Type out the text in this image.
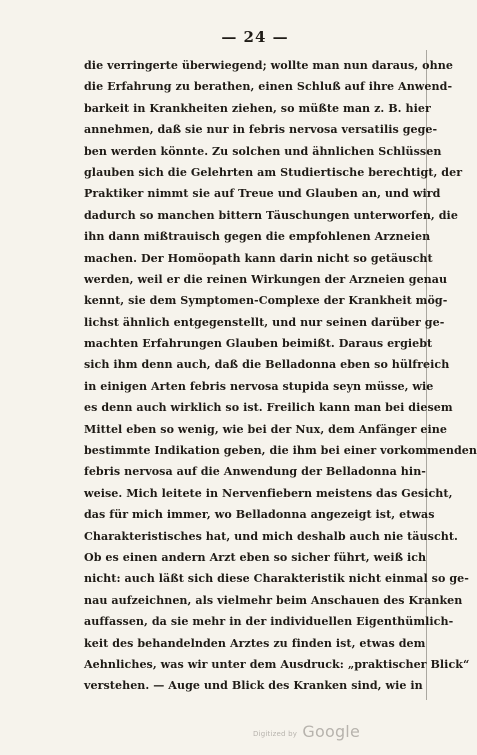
— 24 —
die verringerte überwiegend; wollte man nun daraus, ohne
die Erfahrung zu berathen, einen Schluß auf ihre Anwend-
barkeit in Krankheiten ziehen, so müßte man z. B. hier
annehmen, daß sie nur in febris nervosa versatilis gege-
ben werden könnte. Zu solchen und ähnlichen Schlüssen
glauben sich die Gelehrten am Studiertische berechtigt, der
Praktiker nimmt sie auf Treue und Glauben an, und wird
dadurch so manchen bittern Täuschungen unterworfen, die
ihn dann mißtrauisch gegen die empfohlenen Arzneien
machen. Der Homöopath kann darin nicht so getäuscht
werden, weil er die reinen Wirkungen der Arzneien genau
kennt, sie dem Symptomen-Complexe der Krankheit mög-
lichst ähnlich entgegenstellt, und nur seinen darüber ge-
machten Erfahrungen Glauben beimißt. Daraus ergiebt
sich ihm denn auch, daß die Belladonna eben so hülfreich
in einigen Arten febris nervosa stupida seyn müsse, wie
es denn auch wirklich so ist. Freilich kann man bei diesem
Mittel eben so wenig, wie bei der Nux, dem Anfänger eine
bestimmte Indikation geben, die ihm bei einer vorkommenden
febris nervosa auf die Anwendung der Belladonna hin-
weise. Mich leitete in Nervenfiebern meistens das Gesicht,
das für mich immer, wo Belladonna angezeigt ist, etwas
Charakteristisches hat, und mich deshalb auch nie täuscht.
Ob es einen andern Arzt eben so sicher führt, weiß ich
nicht: auch läßt sich diese Charakteristik nicht einmal so ge-
nau aufzeichnen, als vielmehr beim Anschauen des Kranken
auffassen, da sie mehr in der individuellen Eigenthümlich-
keit des behandelnden Arztes zu finden ist, etwas dem
Aehnliches, was wir unter dem Ausdruck: „praktischer Blick“
verstehen. — Auge und Blick des Kranken sind, wie in
Digitized by Google
